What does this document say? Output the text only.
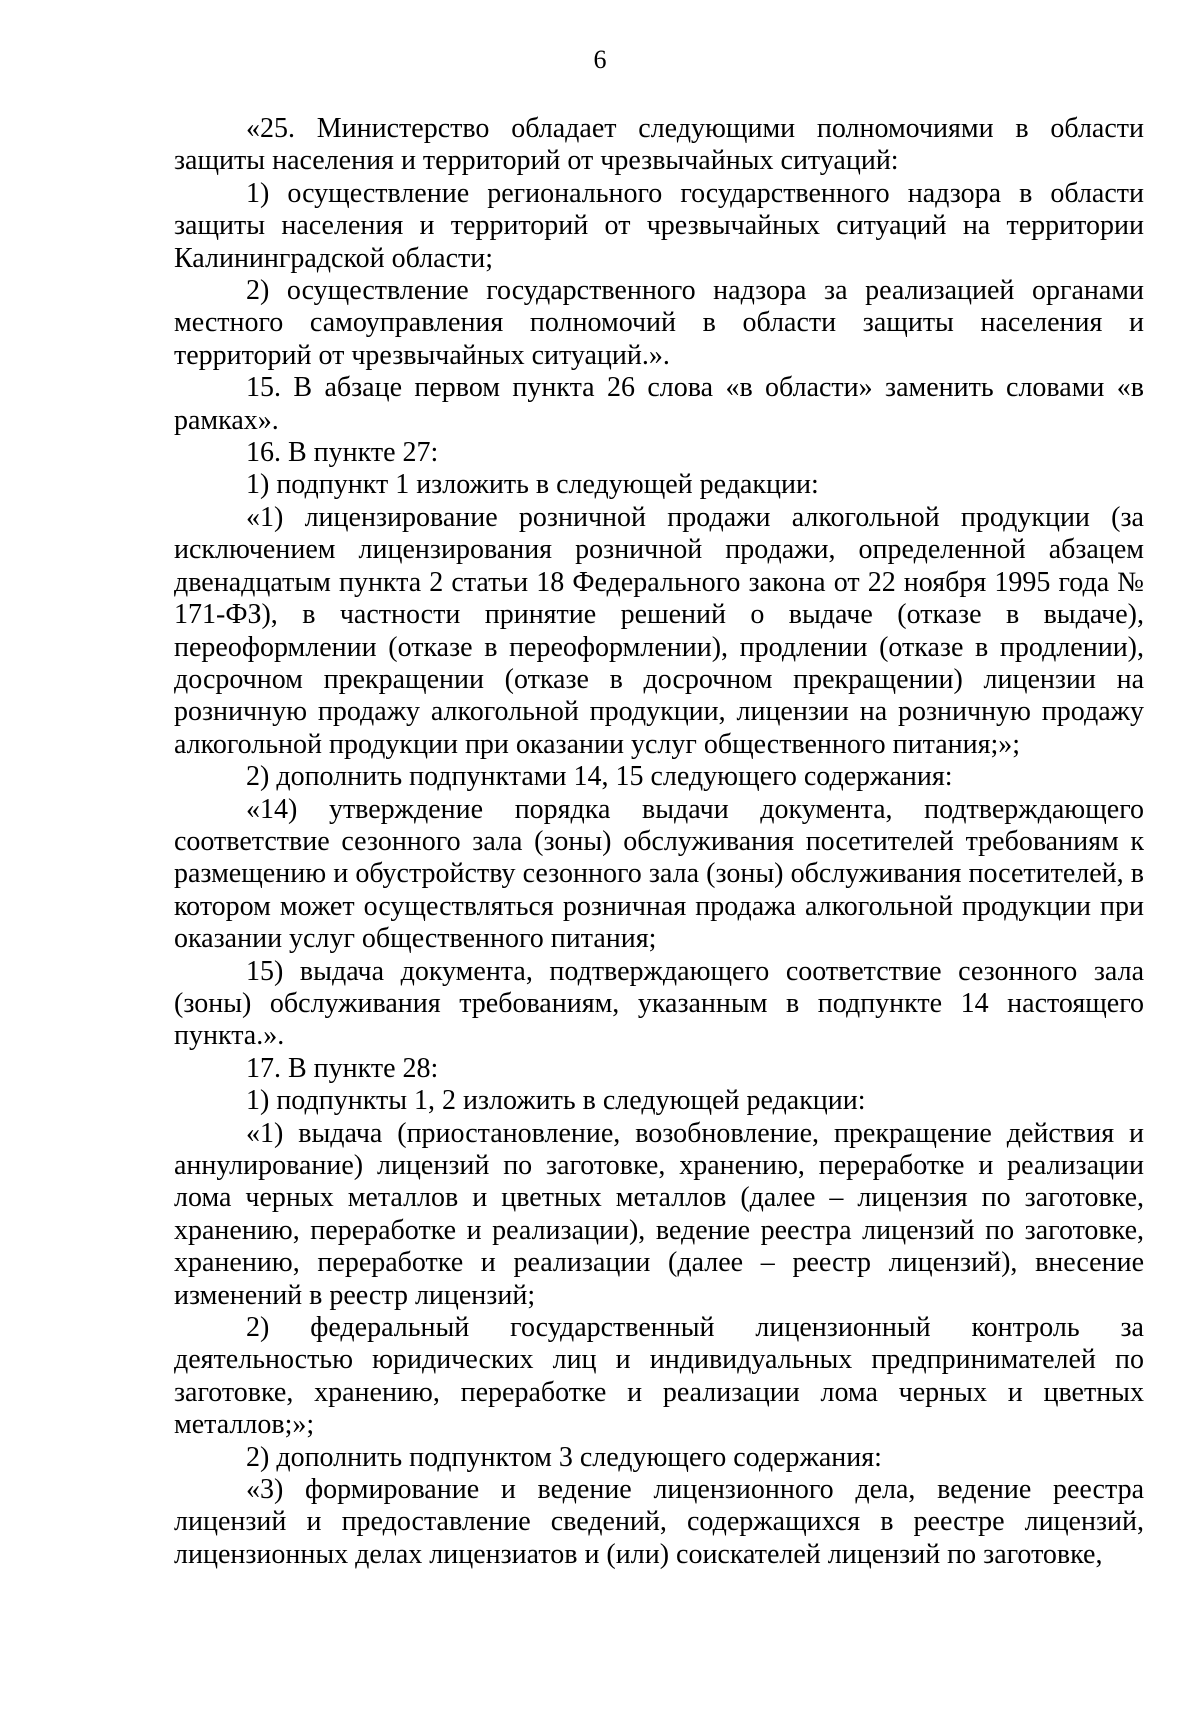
6

«25. Министерство обладает следующими полномочиями в области защиты населения и территорий от чрезвычайных ситуаций:

1) осуществление регионального государственного надзора в области защиты населения и территорий от чрезвычайных ситуаций на территории Калининградской области;

2) осуществление государственного надзора за реализацией органами местного самоуправления полномочий в области защиты населения и территорий от чрезвычайных ситуаций.».

15. В абзаце первом пункта 26 слова «в области» заменить словами «в рамках».

16. В пункте 27:

1) подпункт 1 изложить в следующей редакции:

«1) лицензирование розничной продажи алкогольной продукции (за исключением лицензирования розничной продажи, определенной абзацем двенадцатым пункта 2 статьи 18 Федерального закона от 22 ноября 1995 года № 171-ФЗ), в частности принятие решений о выдаче (отказе в выдаче), переоформлении (отказе в переоформлении), продлении (отказе в продлении), досрочном прекращении (отказе в досрочном прекращении) лицензии на розничную продажу алкогольной продукции, лицензии на розничную продажу алкогольной продукции при оказании услуг общественного питания;»;

2) дополнить подпунктами 14, 15 следующего содержания:

«14) утверждение порядка выдачи документа, подтверждающего соответствие сезонного зала (зоны) обслуживания посетителей требованиям к размещению и обустройству сезонного зала (зоны) обслуживания посетителей, в котором может осуществляться розничная продажа алкогольной продукции при оказании услуг общественного питания;

15) выдача документа, подтверждающего соответствие сезонного зала (зоны) обслуживания требованиям, указанным в подпункте 14 настоящего пункта.».

17. В пункте 28:

1) подпункты 1, 2 изложить в следующей редакции:

«1) выдача (приостановление, возобновление, прекращение действия и аннулирование) лицензий по заготовке, хранению, переработке и реализации лома черных металлов и цветных металлов (далее – лицензия по заготовке, хранению, переработке и реализации), ведение реестра лицензий по заготовке, хранению, переработке и реализации (далее – реестр лицензий), внесение изменений в реестр лицензий;

2) федеральный государственный лицензионный контроль за деятельностью юридических лиц и индивидуальных предпринимателей по заготовке, хранению, переработке и реализации лома черных и цветных металлов;»;

2) дополнить подпунктом 3 следующего содержания:

«3) формирование и ведение лицензионного дела, ведение реестра лицензий и предоставление сведений, содержащихся в реестре лицензий, лицензионных делах лицензиатов и (или) соискателей лицензий по заготовке,
